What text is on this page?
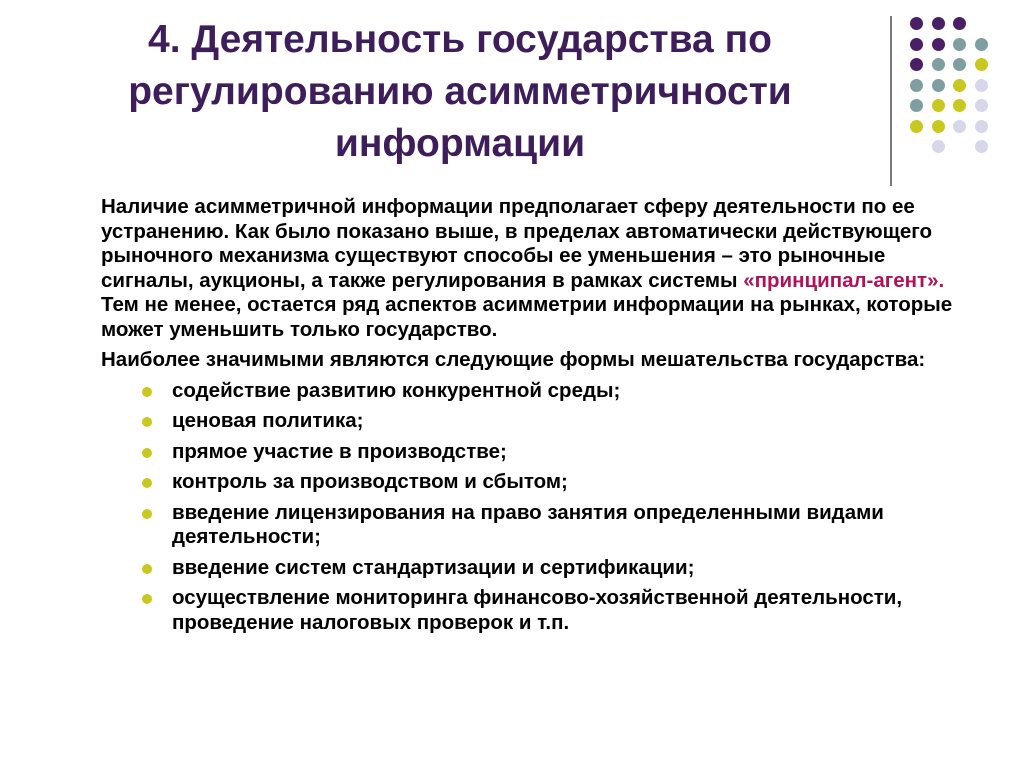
4. Деятельность государства по
регулированию асимметричности
информации

Наличие асимметричной информации предполагает сферу деятельности по ее устранению. Как было показано выше, в пределах автоматически действующего рыночного механизма существуют способы ее уменьшения – это рыночные сигналы, аукционы, а также регулирования в рамках системы «принципал-агент». Тем не менее, остается ряд аспектов асимметрии информации на рынках, которые может уменьшить только государство.

Наиболее значимыми являются следующие формы мешательства государства:

содействие развитию конкурентной среды;
ценовая политика;
прямое участие в производстве;
контроль за производством и сбытом;
введение лицензирования на право занятия определенными видами деятельности;
введение систем стандартизации и сертификации;
осуществление мониторинга финансово-хозяйственной деятельности, проведение налоговых проверок и т.п.
